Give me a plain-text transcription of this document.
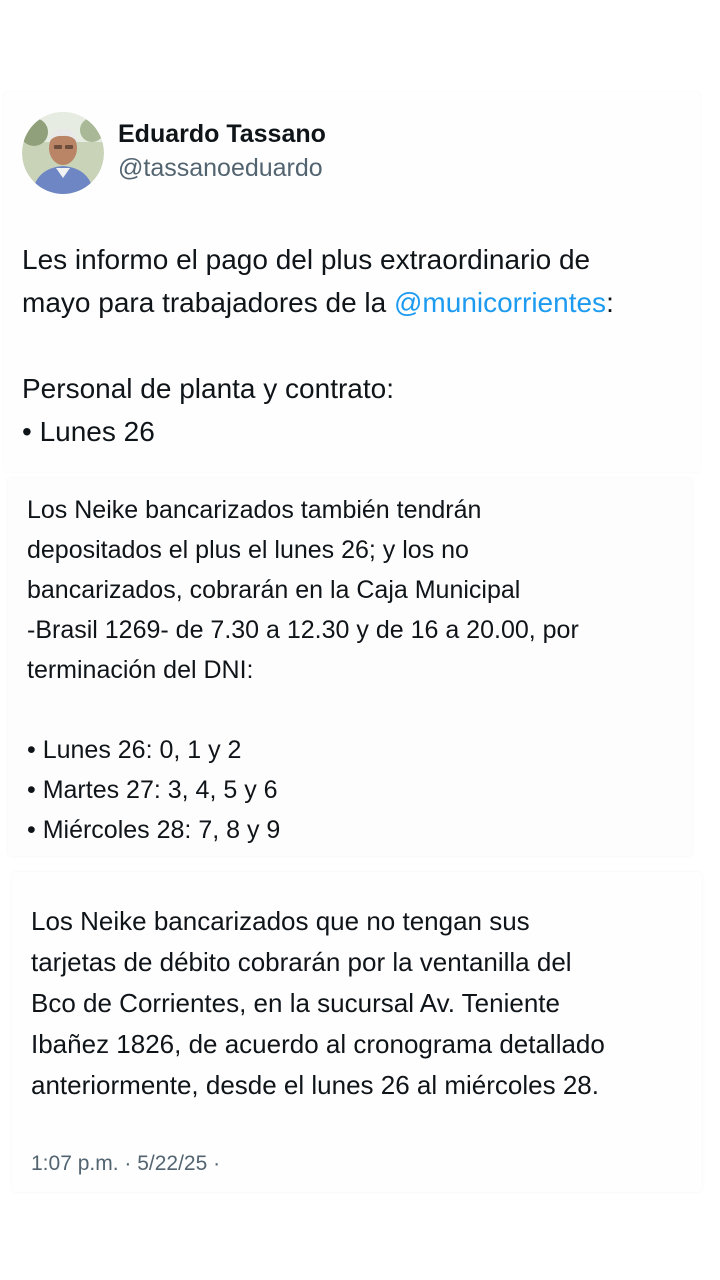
Eduardo Tassano
@tassanoeduardo
Les informo el pago del plus extraordinario de
mayo para trabajadores de la @municorrientes:
Personal de planta y contrato:
• Lunes 26
Los Neike bancarizados también tendrán
depositados el plus el lunes 26; y los no
bancarizados, cobrarán en la Caja Municipal
-Brasil 1269- de 7.30 a 12.30 y de 16 a 20.00, por
terminación del DNI:
• Lunes 26: 0, 1 y 2
• Martes 27: 3, 4, 5 y 6
• Miércoles 28: 7, 8 y 9
Los Neike bancarizados que no tengan sus
tarjetas de débito cobrarán por la ventanilla del
Bco de Corrientes, en la sucursal Av. Teniente
Ibañez 1826, de acuerdo al cronograma detallado
anteriormente, desde el lunes 26 al miércoles 28.
1:07 p.m. · 5/22/25 ·
